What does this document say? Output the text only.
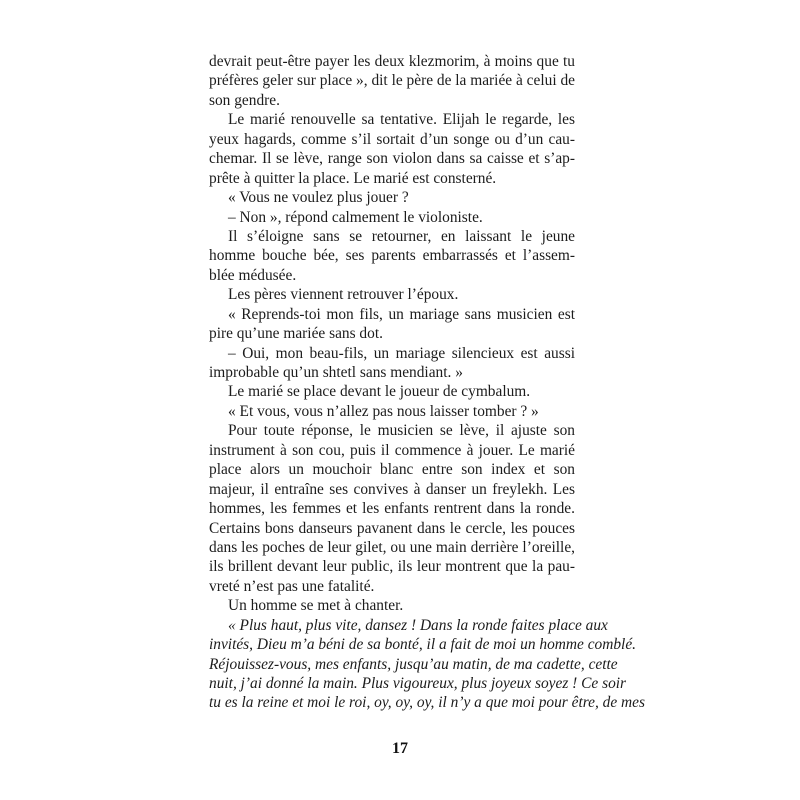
devrait peut-être payer les deux klezmorim, à moins que tu
préfères geler sur place », dit le père de la mariée à celui de
son gendre.
Le marié renouvelle sa tentative. Elijah le regarde, les
yeux hagards, comme s’il sortait d’un songe ou d’un cau-
chemar. Il se lève, range son violon dans sa caisse et s’ap-
prête à quitter la place. Le marié est consterné.
« Vous ne voulez plus jouer ?
– Non », répond calmement le violoniste.
Il s’éloigne sans se retourner, en laissant le jeune
homme bouche bée, ses parents embarrassés et l’assem-
blée médusée.
Les pères viennent retrouver l’époux.
« Reprends-toi mon fils, un mariage sans musicien est
pire qu’une mariée sans dot.
– Oui, mon beau-fils, un mariage silencieux est aussi
improbable qu’un shtetl sans mendiant. »
Le marié se place devant le joueur de cymbalum.
« Et vous, vous n’allez pas nous laisser tomber ? »
Pour toute réponse, le musicien se lève, il ajuste son
instrument à son cou, puis il commence à jouer. Le marié
place alors un mouchoir blanc entre son index et son
majeur, il entraîne ses convives à danser un freylekh. Les
hommes, les femmes et les enfants rentrent dans la ronde.
Certains bons danseurs pavanent dans le cercle, les pouces
dans les poches de leur gilet, ou une main derrière l’oreille,
ils brillent devant leur public, ils leur montrent que la pau-
vreté n’est pas une fatalité.
Un homme se met à chanter.
« Plus haut, plus vite, dansez ! Dans la ronde faites place aux
invités, Dieu m’a béni de sa bonté, il a fait de moi un homme comblé.
Réjouissez-vous, mes enfants, jusqu’au matin, de ma cadette, cette
nuit, j’ai donné la main. Plus vigoureux, plus joyeux soyez ! Ce soir
tu es la reine et moi le roi, oy, oy, oy, il n’y a que moi pour être, de mes
17
